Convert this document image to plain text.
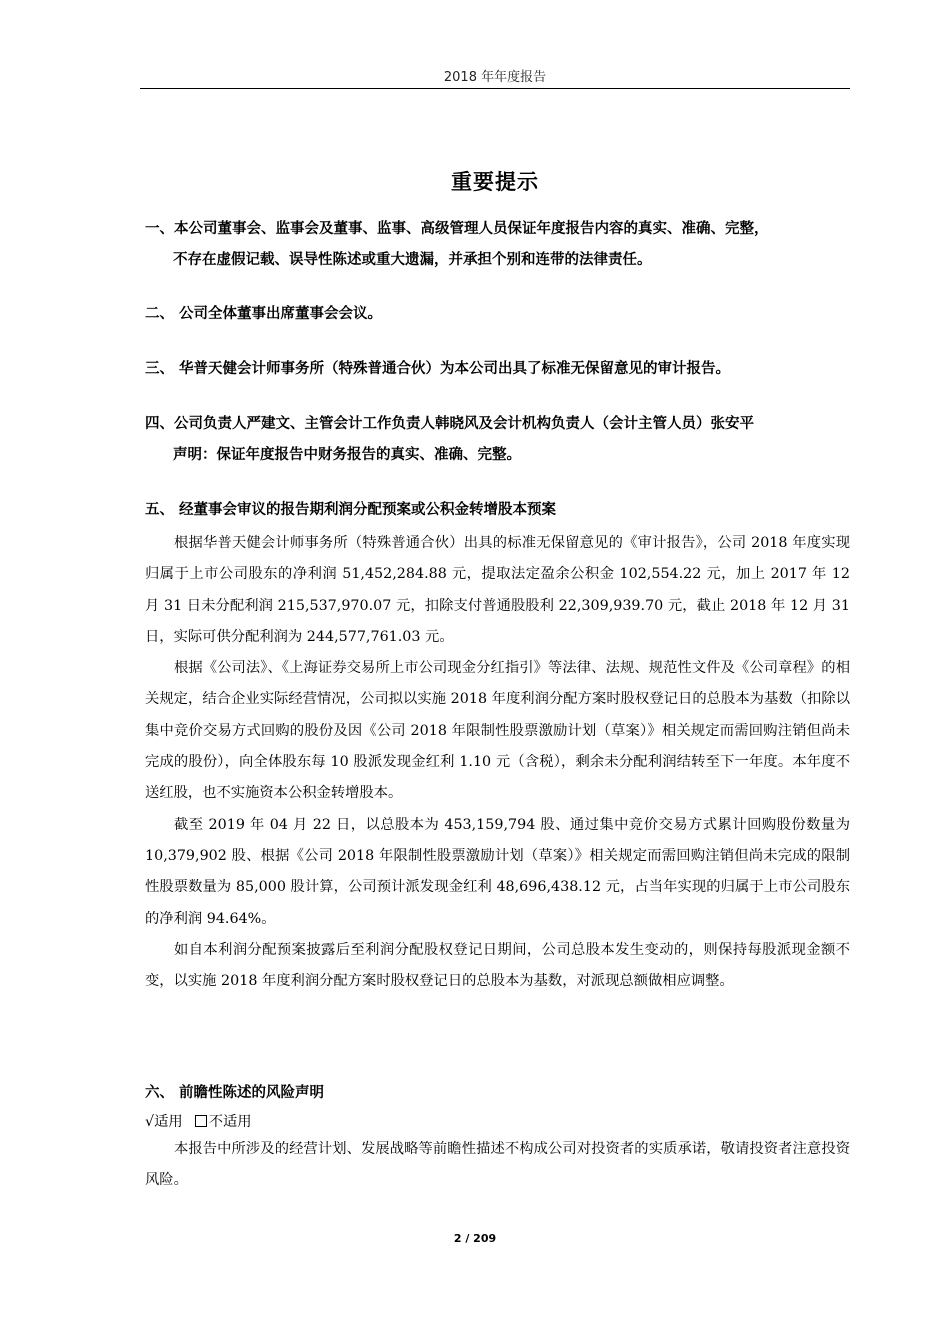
2018 年年度报告
重要提示
一、本公司董事会、监事会及董事、监事、高级管理人员保证年度报告内容的真实、准确、完整，
不存在虚假记载、误导性陈述或重大遗漏，并承担个别和连带的法律责任。
二、 公司全体董事出席董事会会议。
三、 华普天健会计师事务所（特殊普通合伙）为本公司出具了标准无保留意见的审计报告。
四、公司负责人严建文、主管会计工作负责人韩晓风及会计机构负责人（会计主管人员）张安平
声明：保证年度报告中财务报告的真实、准确、完整。
五、 经董事会审议的报告期利润分配预案或公积金转增股本预案

根据华普天健会计师事务所（特殊普通合伙）出具的标准无保留意见的《审计报告》，公司 2018 年度实现归属于上市公司股东的净利润 51,452,284.88 元，提取法定盈余公积金 102,554.22 元，加上 2017 年 12 月 31 日未分配利润 215,537,970.07 元，扣除支付普通股股利 22,309,939.70 元，截止 2018 年 12 月 31 日，实际可供分配利润为 244,577,761.03 元。

根据《公司法》、《上海证券交易所上市公司现金分红指引》等法律、法规、规范性文件及《公司章程》的相关规定，结合企业实际经营情况，公司拟以实施 2018 年度利润分配方案时股权登记日的总股本为基数（扣除以集中竞价交易方式回购的股份及因《公司 2018 年限制性股票激励计划（草案）》相关规定而需回购注销但尚未完成的股份），向全体股东每 10 股派发现金红利 1.10 元（含税），剩余未分配利润结转至下一年度。本年度不送红股，也不实施资本公积金转增股本。

截至 2019 年 04 月 22 日，以总股本为 453,159,794 股、通过集中竞价交易方式累计回购股份数量为 10,379,902 股、根据《公司 2018 年限制性股票激励计划（草案）》相关规定而需回购注销但尚未完成的限制性股票数量为 85,000 股计算，公司预计派发现金红利 48,696,438.12 元，占当年实现的归属于上市公司股东的净利润 94.64%。

如自本利润分配预案披露后至利润分配股权登记日期间，公司总股本发生变动的，则保持每股派现金额不变，以实施 2018 年度利润分配方案时股权登记日的总股本为基数，对派现总额做相应调整。

六、 前瞻性陈述的风险声明
√适用 不适用

本报告中所涉及的经营计划、发展战略等前瞻性描述不构成公司对投资者的实质承诺，敬请投资者注意投资风险。

2 / 209
